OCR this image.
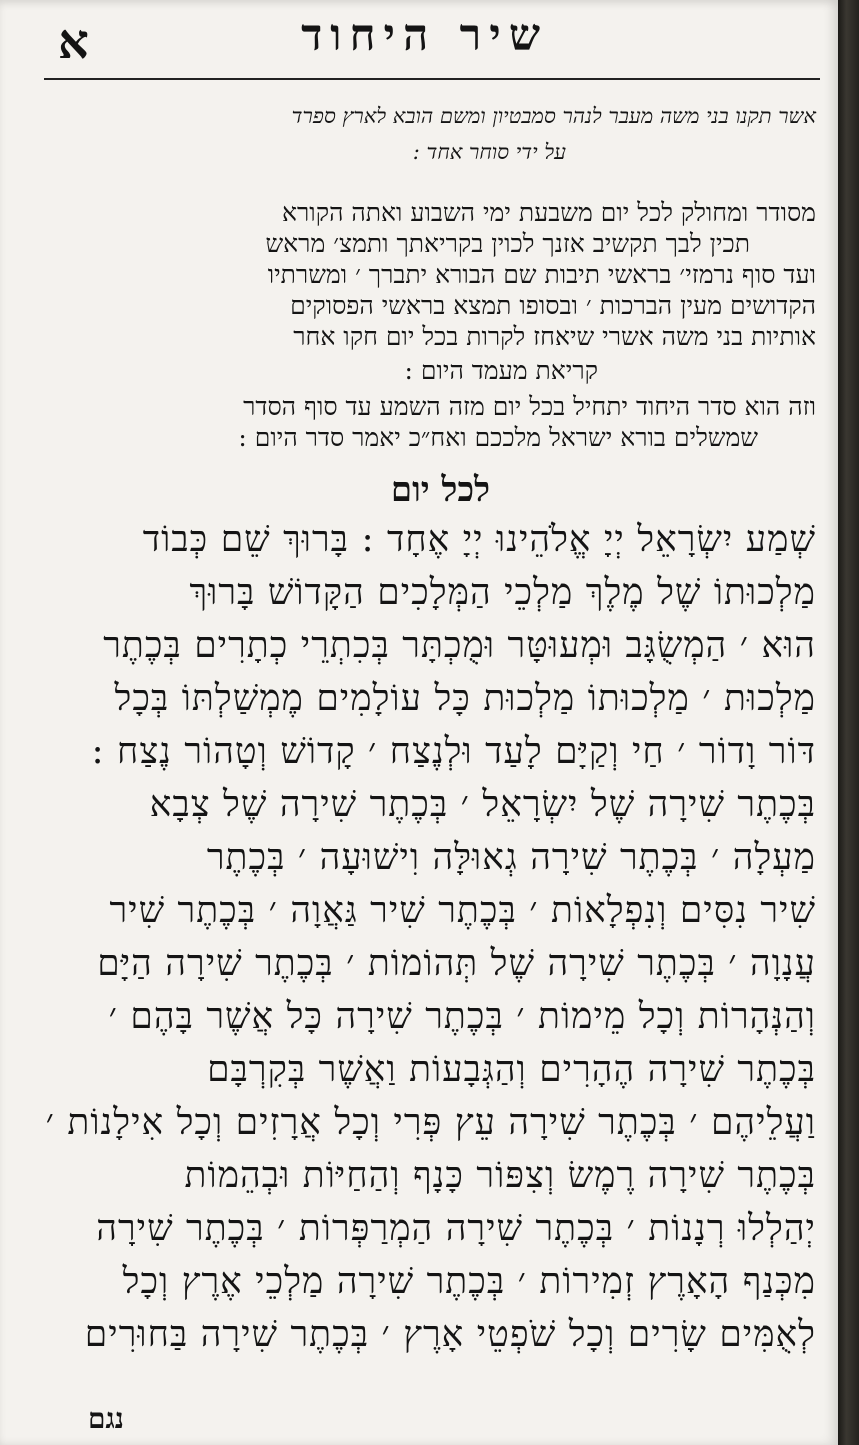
שיר היחוד
א
אשר תקנו בני משה מעבר לנהר סמבטיון ומשם הובא לארץ ספרד
על ידי סוחר אחד :
מסודר ומחולק לכל יום משבעת ימי השבוע ואתה הקורא
תכין לבך תקשיב אזנך לכוין בקריאתך ותמצ׳ מראש
ועד סוף נרמזי׳ בראשי תיבות שם הבורא יתברך ׳ ומשרתיו
הקדושים מעין הברכות ׳ ובסופו תמצא בראשי הפסוקים
אותיות בני משה אשרי שיאחז לקרות בכל יום חקו אחר
קריאת מעמד היום :
וזה הוא סדר היחוד יתחיל בכל יום מזה השמע עד סוף הסדר
שמשלים בורא ישראל מלככם ואח״כ יאמר סדר היום :
לכל יום
שְׁמַע יִשְׂרָאֵל יְיָ אֱלֹהֵינוּ יְיָ אֶחָד : בָּרוּךְ שֵׁם כְּבוֹד
מַלְכוּתוֹ שֶׁל מֶלֶךְ מַלְכֵי הַמְּלָכִים הַקָּדוֹשׁ בָּרוּךְ
הוּא ׳ הַמְשֻׂגָּב וּמְעוּטָּר וּמֻכְתָּר בְּכִתְרֵי כְתָרִים בְּכֶתֶר
מַלְכוּת ׳ מַלְכוּתוֹ מַלְכוּת כָּל עוֹלָמִים מֶמְשַׁלְתּוֹ בְּכָל
דּוֹר וָדוֹר ׳ חַי וְקַיָּם לָעַד וּלְנֶצַח ׳ קָדוֹשׁ וְטָהוֹר נֶצַח :
בְּכֶתֶר שִׁירָה שֶׁל יִשְׂרָאֵל ׳ בְּכֶתֶר שִׁירָה שֶׁל צְבָא
מַעְלָה ׳ בְּכֶתֶר שִׁירָה גְאוּלָּה וִישׁוּעָה ׳ בְּכֶתֶר
שִׁיר נִסִּים וְנִפְלָאוֹת ׳ בְּכֶתֶר שִׁיר גַּאֲוָה ׳ בְּכֶתֶר שִׁיר
עֲנָוָה ׳ בְּכֶתֶר שִׁירָה שֶׁל תְּהוֹמוֹת ׳ בְּכֶתֶר שִׁירָה הַיָּם
וְהַנְּהָרוֹת וְכָל מֵימוֹת ׳ בְּכֶתֶר שִׁירָה כָּל אֲשֶׁר בָּהֶם ׳
בְּכֶתֶר שִׁירָה הֶהָרִים וְהַגְּבָעוֹת וַאֲשֶׁר בְּקִרְבָּם
וַעֲלֵיהֶם ׳ בְּכֶתֶר שִׁירָה עֵץ פְּרִי וְכָל אֲרָזִים וְכָל אִילָנוֹת ׳
בְּכֶתֶר שִׁירָה רֶמֶשׂ וְצִפּוֹר כָּנָף וְהַחַיּוֹת וּבְהֵמוֹת
יְהַלְלוּ רְנָנוֹת ׳ בְּכֶתֶר שִׁירָה הַמְרַפְּרוֹת ׳ בְּכֶתֶר שִׁירָה
מִכְּנַף הָאָרֶץ זְמִירוֹת ׳ בְּכֶתֶר שִׁירָה מַלְכֵי אֶרֶץ וְכָל
לְאֻמִּים שָׂרִים וְכָל שֹׁפְטֵי אָרֶץ ׳ בְּכֶתֶר שִׁירָה בַּחוּרִים
נגם
